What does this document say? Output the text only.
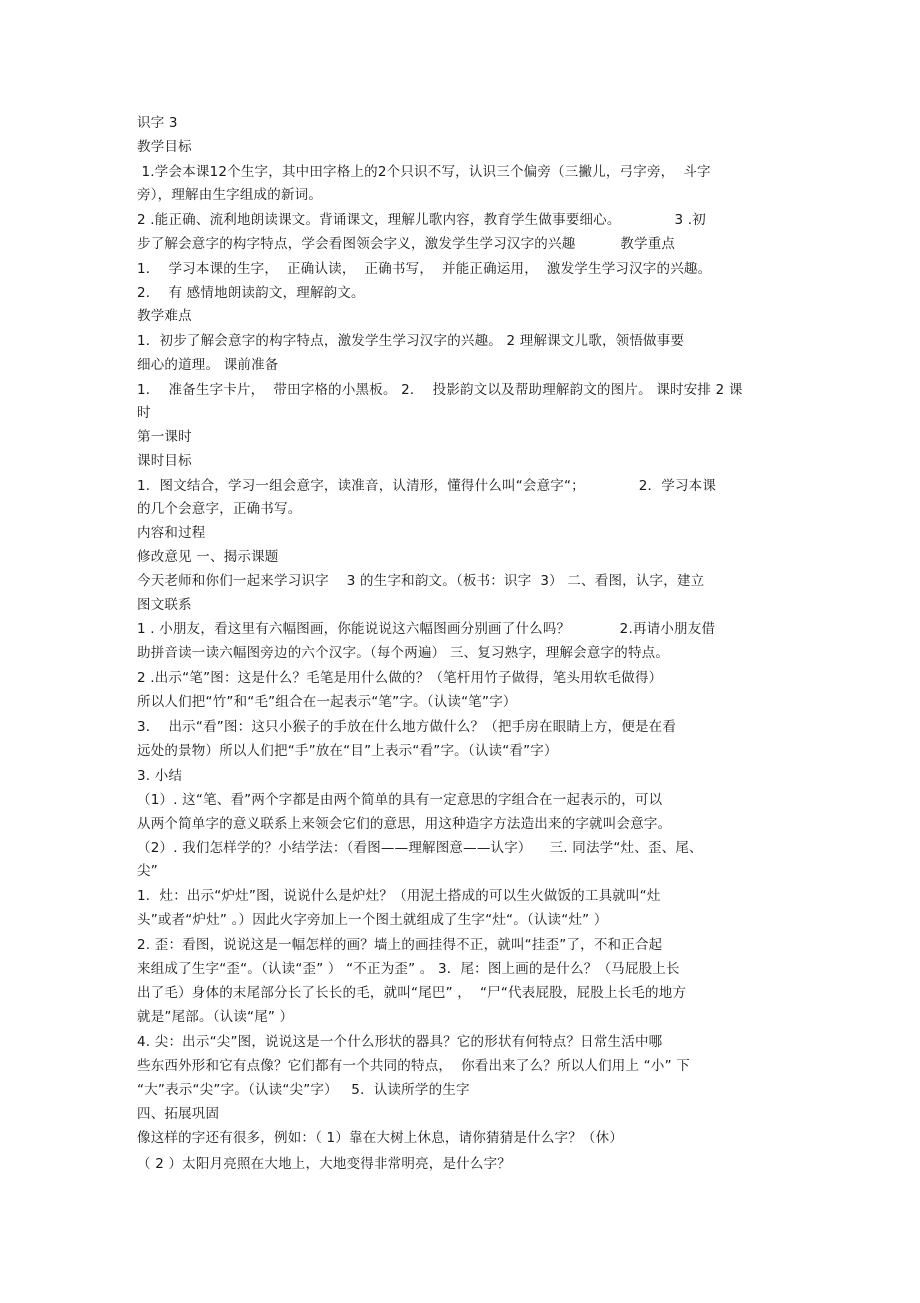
识字 3
教学目标
1.学会本课12个生字，其中田字格上的2个只识不写，认识三个偏旁（三撇儿，弓字旁，  斗字
旁），理解由生字组成的新词。
2 .能正确、流利地朗读课文。背诵课文，理解儿歌内容，教育学生做事要细心。            3 .初
步了解会意字的构字特点，学会看图领会字义，激发学生学习汉字的兴趣          教学重点
1．  学习本课的生字，  正确认读，  正确书写，  并能正确运用，  激发学生学习汉字的兴趣。
2．  有 感情地朗读韵文，理解韵文。
教学难点
1．初步了解会意字的构字特点，激发学生学习汉字的兴趣。 2 理解课文儿歌，领悟做事要
细心的道理。 课前准备
1．  准备生字卡片，  带田字格的小黑板。 2．  投影韵文以及帮助理解韵文的图片。 课时安排 2 课
时
第一课时
课时目标
1．图文结合，学习一组会意字，读准音，认清形，懂得什么叫“会意字“；            2．学习本课
的几个会意字，正确书写。
内容和过程
修改意见 一、揭示课题
今天老师和你们一起来学习识字    3 的生字和韵文。（板书：识字  3） 二、看图，认字，建立
图文联系
1 . 小朋友，看这里有六幅图画，你能说说这六幅图画分别画了什么吗？           2.再请小朋友借
助拼音读一读六幅图旁边的六个汉字。（每个两遍） 三、复习熟字，理解会意字的特点。
2 .出示“笔”图：这是什么？毛笔是用什么做的？（笔杆用竹子做得，笔头用软毛做得）
所以人们把“竹”和“毛”组合在一起表示“笔”字。（认读“笔”字）
3．  出示“看”图：这只小猴子的手放在什么地方做什么？（把手房在眼睛上方，便是在看
远处的景物）所以人们把“手”放在“目”上表示“看”字。（认读“看”字）
3. 小结
（1）. 这“笔、看”两个字都是由两个简单的具有一定意思的字组合在一起表示的，可以
从两个简单字的意义联系上来领会它们的意思，用这种造字方法造出来的字就叫会意字。
（2）. 我们怎样学的？小结学法：（看图——理解图意——认字）    三. 同法学“灶、歪、尾、
尖”
1．灶：出示“炉灶”图，说说什么是炉灶？（用泥土搭成的可以生火做饭的工具就叫“灶
头”或者“炉灶” 。）因此火字旁加上一个图土就组成了生字“灶“。（认读“灶” ）
2. 歪：看图，说说这是一幅怎样的画？墙上的画挂得不正，就叫“挂歪”了，不和正合起
来组成了生字“歪“。（认读“歪” ） “不正为歪” 。 3．尾：图上画的是什么？（马屁股上长
出了毛）身体的末尾部分长了长长的毛，就叫“尾巴” ，  “尸“代表屁股，屁股上长毛的地方
就是”尾部。（认读“尾” ）
4. 尖：出示“尖”图，说说这是一个什么形状的器具？它的形状有何特点？日常生活中哪
些东西外形和它有点像？它们都有一个共同的特点，  你看出来了么？所以人们用上 “小” 下
“大”表示“尖”字。（认读“尖”字）   5．认读所学的生字
四、拓展巩固
像这样的字还有很多，例如：（ 1）靠在大树上休息，请你猜猜是什么字？（休）
（ 2 ）太阳月亮照在大地上，大地变得非常明亮，是什么字？
